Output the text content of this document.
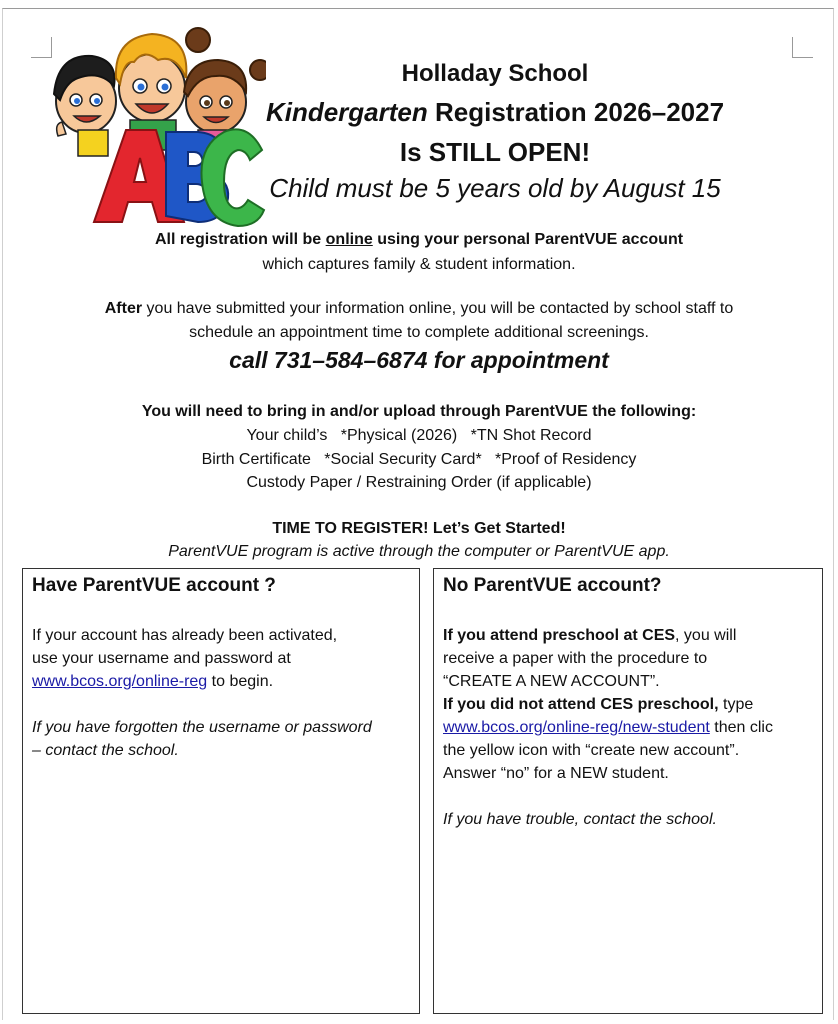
Holladay School
Kindergarten Registration 2026–2027
Is STILL OPEN!
Child must be 5 years old by August 15
All registration will be online using your personal ParentVUE account
which captures family & student information.
After you have submitted your information online, you will be contacted by school staff to
schedule an appointment time to complete additional screenings.
call 731–584–6874 for appointment
You will need to bring in and/or upload through ParentVUE the following:
Your child’s   *Physical (2026)   *TN Shot Record
Birth Certificate   *Social Security Card*   *Proof of Residency
Custody Paper / Restraining Order (if applicable)
TIME TO REGISTER! Let’s Get Started!
ParentVUE program is active through the computer or ParentVUE app.
Have ParentVUE account ?
If your account has already been activated,
use your username and password at
www.bcos.org/online-reg to begin.
If you have forgotten the username or password
– contact the school.
No ParentVUE account?
If you attend preschool at CES, you will
receive a paper with the procedure to
“CREATE A NEW ACCOUNT”.
If you did not attend CES preschool, type
www.bcos.org/online-reg/new-student then clic
the yellow icon with “create new account”.
Answer “no” for a NEW student.
If you have trouble, contact the school.
